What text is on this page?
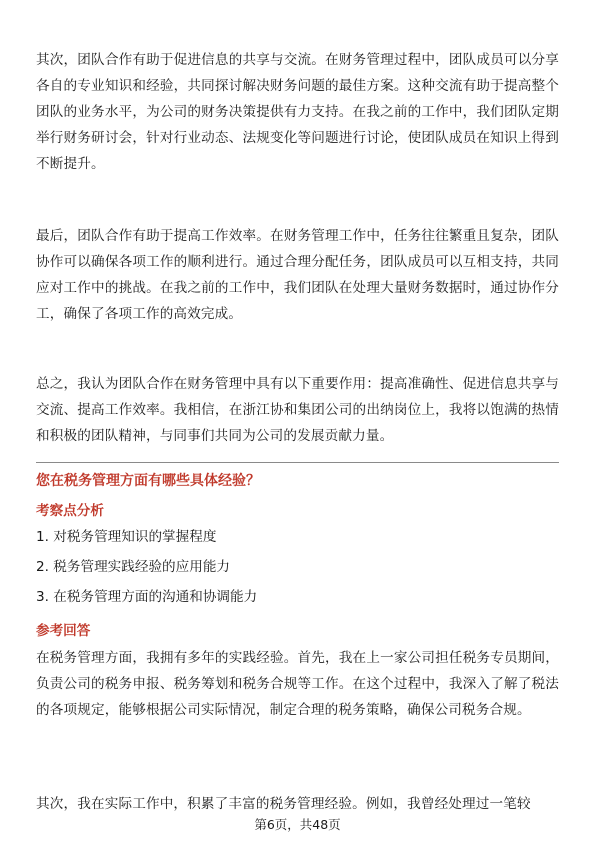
其次，团队合作有助于促进信息的共享与交流。在财务管理过程中，团队成员可以分享各自的专业知识和经验，共同探讨解决财务问题的最佳方案。这种交流有助于提高整个团队的业务水平，为公司的财务决策提供有力支持。在我之前的工作中，我们团队定期举行财务研讨会，针对行业动态、法规变化等问题进行讨论，使团队成员在知识上得到不断提升。
最后，团队合作有助于提高工作效率。在财务管理工作中，任务往往繁重且复杂，团队协作可以确保各项工作的顺利进行。通过合理分配任务，团队成员可以互相支持，共同应对工作中的挑战。在我之前的工作中，我们团队在处理大量财务数据时，通过协作分工，确保了各项工作的高效完成。
总之，我认为团队合作在财务管理中具有以下重要作用：提高准确性、促进信息共享与交流、提高工作效率。我相信，在浙江协和集团公司的出纳岗位上，我将以饱满的热情和积极的团队精神，与同事们共同为公司的发展贡献力量。
您在税务管理方面有哪些具体经验？
考察点分析
1. 对税务管理知识的掌握程度
2. 税务管理实践经验的应用能力
3. 在税务管理方面的沟通和协调能力
参考回答
在税务管理方面，我拥有多年的实践经验。首先，我在上一家公司担任税务专员期间，负责公司的税务申报、税务筹划和税务合规等工作。在这个过程中，我深入了解了税法的各项规定，能够根据公司实际情况，制定合理的税务策略，确保公司税务合规。
其次，我在实际工作中，积累了丰富的税务管理经验。例如，我曾经处理过一笔较
第6页，共48页
